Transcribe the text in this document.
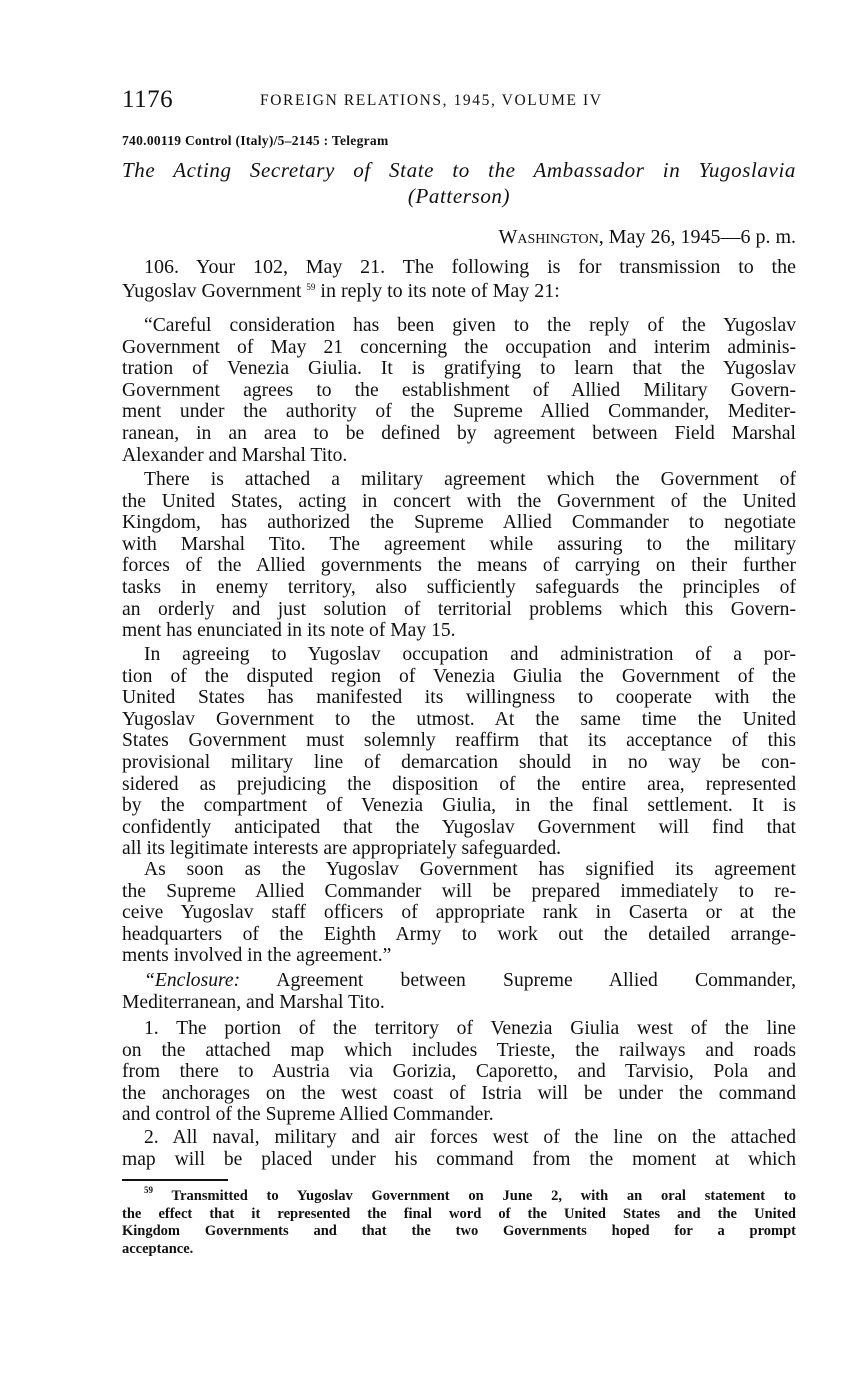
1176	FOREIGN RELATIONS, 1945, VOLUME IV
740.00119 Control (Italy)/5–2145 : Telegram
The Acting Secretary of State to the Ambassador in Yugoslavia
(Patterson)
Washington, May 26, 1945—6 p. m.

106. Your 102, May 21. The following is for transmission to the
Yugoslav Government $^{59}$ in reply to its note of May 21:

“Careful consideration has been given to the reply of the Yugoslav
Government of May 21 concerning the occupation and interim adminis-
tration of Venezia Giulia. It is gratifying to learn that the Yugoslav
Government agrees to the establishment of Allied Military Govern-
ment under the authority of the Supreme Allied Commander, Mediter-
ranean, in an area to be defined by agreement between Field Marshal
Alexander and Marshal Tito.

There is attached a military agreement which the Government of
the United States, acting in concert with the Government of the United
Kingdom, has authorized the Supreme Allied Commander to negotiate
with Marshal Tito. The agreement while assuring to the military
forces of the Allied governments the means of carrying on their further
tasks in enemy territory, also sufficiently safeguards the principles of
an orderly and just solution of territorial problems which this Govern-
ment has enunciated in its note of May 15.

In agreeing to Yugoslav occupation and administration of a por-
tion of the disputed region of Venezia Giulia the Government of the
United States has manifested its willingness to cooperate with the
Yugoslav Government to the utmost. At the same time the United
States Government must solemnly reaffirm that its acceptance of this
provisional military line of demarcation should in no way be con-
sidered as prejudicing the disposition of the entire area, represented
by the compartment of Venezia Giulia, in the final settlement. It is
confidently anticipated that the Yugoslav Government will find that
all its legitimate interests are appropriately safeguarded.

As soon as the Yugoslav Government has signified its agreement
the Supreme Allied Commander will be prepared immediately to re-
ceive Yugoslav staff officers of appropriate rank in Caserta or at the
headquarters of the Eighth Army to work out the detailed arrange-
ments involved in the agreement.”

“Enclosure: Agreement between Supreme Allied Commander,
Mediterranean, and Marshal Tito.

1. The portion of the territory of Venezia Giulia west of the line
on the attached map which includes Trieste, the railways and roads
from there to Austria via Gorizia, Caporetto, and Tarvisio, Pola and
the anchorages on the west coast of Istria will be under the command
and control of the Supreme Allied Commander.

2. All naval, military and air forces west of the line on the attached
map will be placed under his command from the moment at which

$^{59}$ Transmitted to Yugoslav Government on June 2, with an oral statement to
the effect that it represented the final word of the United States and the United
Kingdom Governments and that the two Governments hoped for a prompt
acceptance.
